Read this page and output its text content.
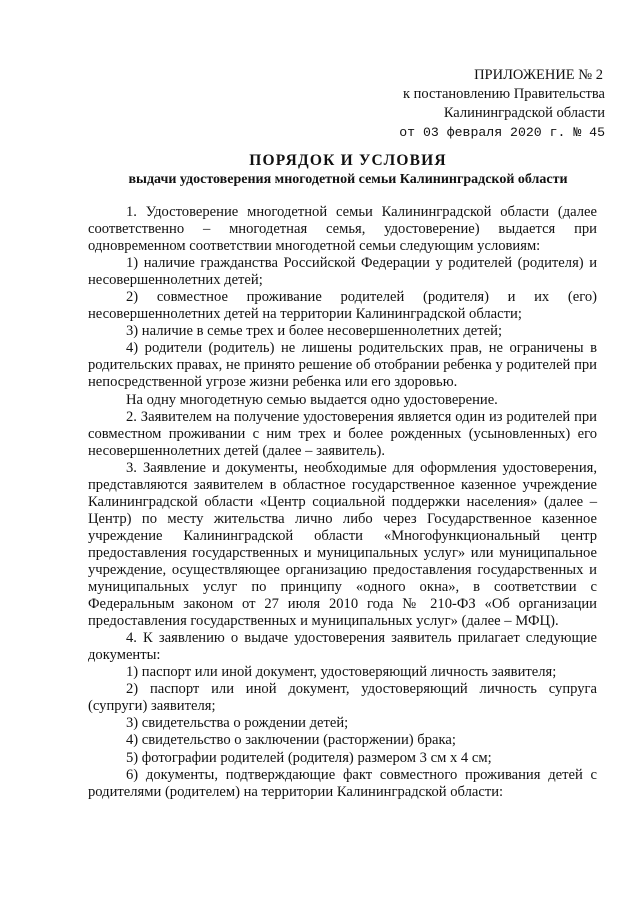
ПРИЛОЖЕНИЕ № 2
к постановлению Правительства
Калининградской области
от 03 февраля 2020 г. № 45
ПОРЯДОК И УСЛОВИЯ
выдачи удостоверения многодетной семьи Калининградской области

1. Удостоверение многодетной семьи Калининградской области (далее соответственно – многодетная семья, удостоверение) выдается при одновременном соответствии многодетной семьи следующим условиям:

1) наличие гражданства Российской Федерации у родителей (родителя) и несовершеннолетних детей;

2) совместное проживание родителей (родителя) и их (его) несовершеннолетних детей на территории Калининградской области;

3) наличие в семье трех и более несовершеннолетних детей;

4) родители (родитель) не лишены родительских прав, не ограничены в родительских правах, не принято решение об отобрании ребенка у родителей при непосредственной угрозе жизни ребенка или его здоровью.

На одну многодетную семью выдается одно удостоверение.

2. Заявителем на получение удостоверения является один из родителей при совместном проживании с ним трех и более рожденных (усыновленных) его несовершеннолетних детей (далее – заявитель).

3. Заявление и документы, необходимые для оформления удостоверения, представляются заявителем в областное государственное казенное учреждение Калининградской области «Центр социальной поддержки населения» (далее – Центр) по месту жительства лично либо через Государственное казенное учреждение Калининградской области «Многофункциональный центр предоставления государственных и муниципальных услуг» или муниципальное учреждение, осуществляющее организацию предоставления государственных и муниципальных услуг по принципу «одного окна», в соответствии с Федеральным законом от 27 июля 2010 года № 210-ФЗ «Об организации предоставления государственных и муниципальных услуг» (далее – МФЦ).

4. К заявлению о выдаче удостоверения заявитель прилагает следующие документы:

1) паспорт или иной документ, удостоверяющий личность заявителя;

2) паспорт или иной документ, удостоверяющий личность супруга (супруги) заявителя;

3) свидетельства о рождении детей;

4) свидетельство о заключении (расторжении) брака;

5) фотографии родителей (родителя) размером 3 см х 4 см;

6) документы, подтверждающие факт совместного проживания детей с родителями (родителем) на территории Калининградской области:
